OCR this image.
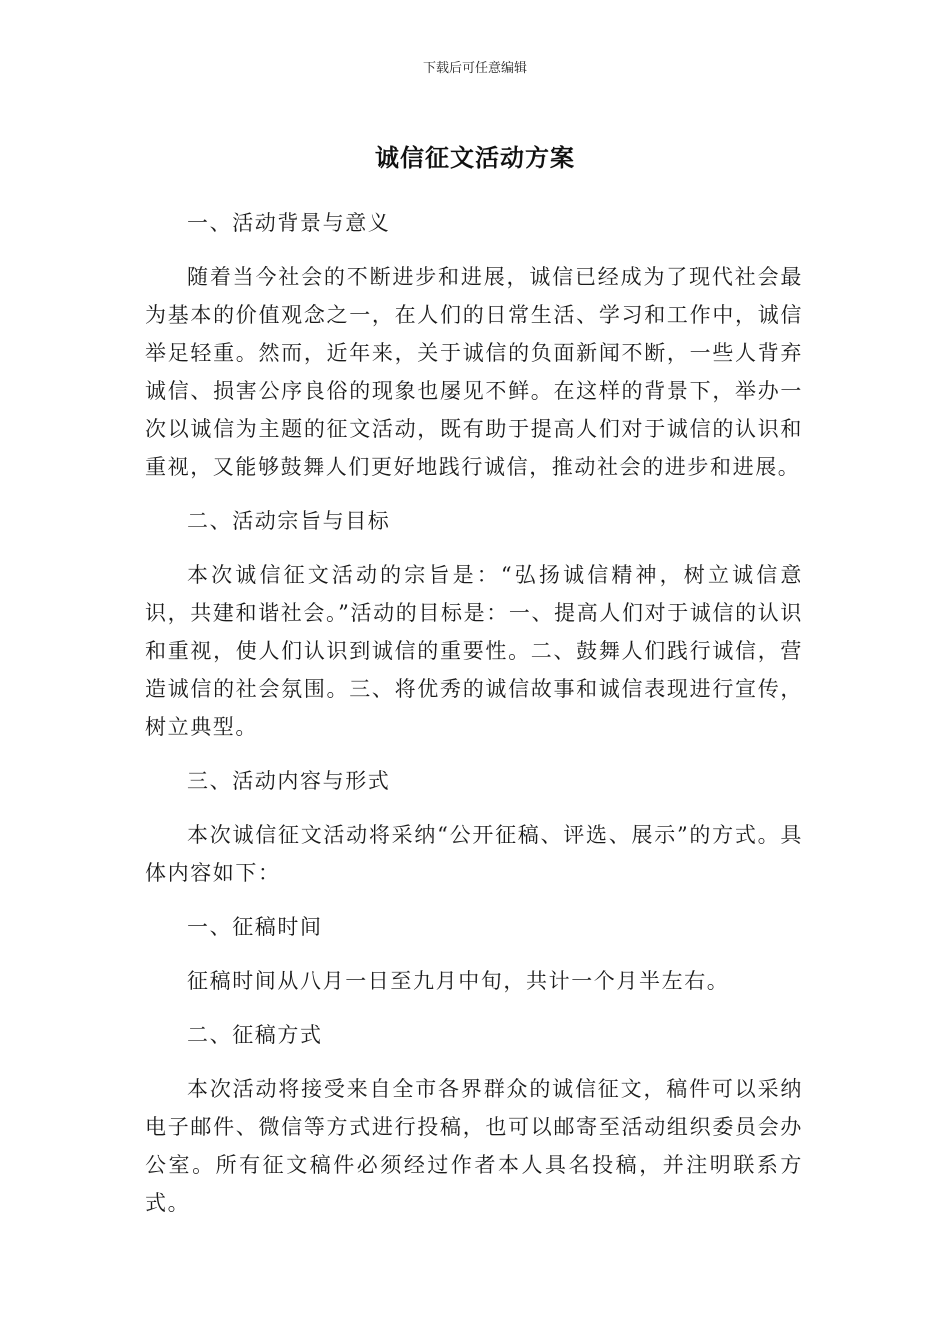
下载后可任意编辑
诚信征文活动方案

一、活动背景与意义

随着当今社会的不断进步和进展，诚信已经成为了现代社会最为基本的价值观念之一，在人们的日常生活、学习和工作中，诚信举足轻重。然而，近年来，关于诚信的负面新闻不断，一些人背弃诚信、损害公序良俗的现象也屡见不鲜。在这样的背景下，举办一次以诚信为主题的征文活动，既有助于提高人们对于诚信的认识和重视，又能够鼓舞人们更好地践行诚信，推动社会的进步和进展。

二、活动宗旨与目标

本次诚信征文活动的宗旨是：“弘扬诚信精神，树立诚信意识，共建和谐社会。”活动的目标是：一、提高人们对于诚信的认识和重视，使人们认识到诚信的重要性。二、鼓舞人们践行诚信，营造诚信的社会氛围。三、将优秀的诚信故事和诚信表现进行宣传，树立典型。

三、活动内容与形式

本次诚信征文活动将采纳“公开征稿、评选、展示”的方式。具体内容如下：

一、征稿时间

征稿时间从八月一日至九月中旬，共计一个月半左右。

二、征稿方式

本次活动将接受来自全市各界群众的诚信征文，稿件可以采纳电子邮件、微信等方式进行投稿，也可以邮寄至活动组织委员会办公室。所有征文稿件必须经过作者本人具名投稿，并注明联系方式。
